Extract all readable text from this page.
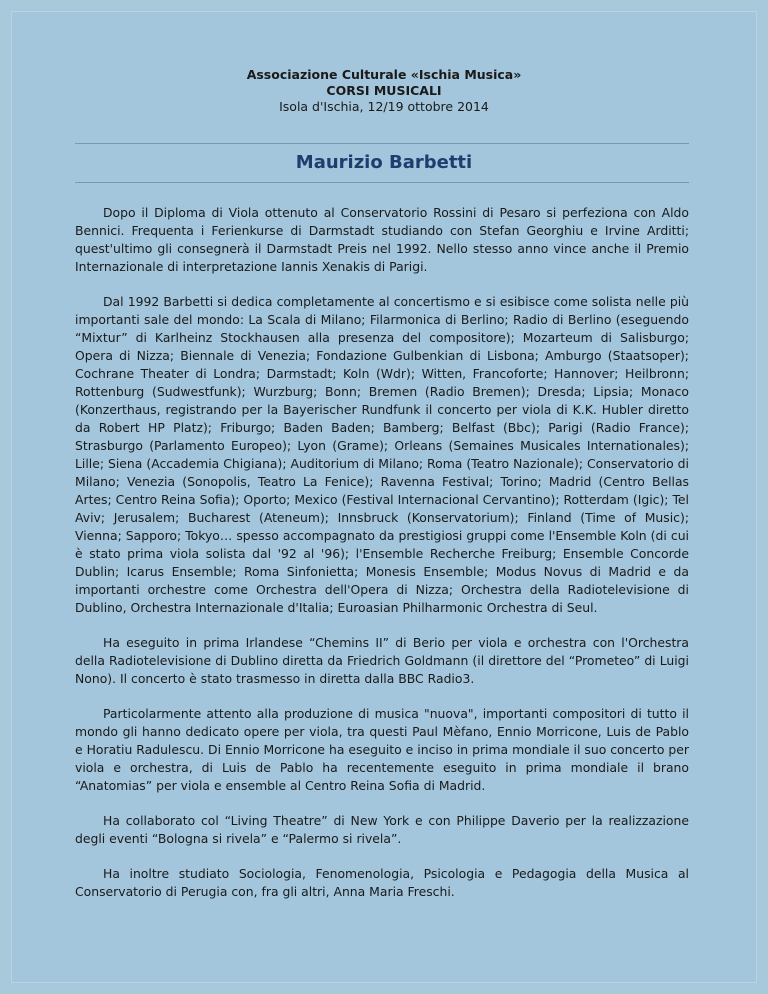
Associazione Culturale «Ischia Musica»
CORSI MUSICALI
Isola d'Ischia, 12/19 ottobre 2014
Maurizio Barbetti

Dopo il Diploma di Viola ottenuto al Conservatorio Rossini di Pesaro si perfeziona con Aldo Bennici. Frequenta i Ferienkurse di Darmstadt studiando con Stefan Georghiu e Irvine Arditti; quest'ultimo gli consegnerà il Darmstadt Preis nel 1992. Nello stesso anno vince anche il Premio Internazionale di interpretazione Iannis Xenakis di Parigi.

Dal 1992 Barbetti si dedica completamente al concertismo e si esibisce come solista nelle più importanti sale del mondo: La Scala di Milano; Filarmonica di Berlino; Radio di Berlino (eseguendo “Mixtur” di Karlheinz Stockhausen alla presenza del compositore); Mozarteum di Salisburgo; Opera di Nizza; Biennale di Venezia; Fondazione Gulbenkian di Lisbona; Amburgo (Staatsoper); Cochrane Theater di Londra; Darmstadt; Koln (Wdr); Witten, Francoforte; Hannover; Heilbronn; Rottenburg (Sudwestfunk); Wurzburg; Bonn; Bremen (Radio Bremen); Dresda; Lipsia; Monaco (Konzerthaus, registrando per la Bayerischer Rundfunk il concerto per viola di K.K. Hubler diretto da Robert HP Platz); Friburgo; Baden Baden; Bamberg; Belfast (Bbc); Parigi (Radio France); Strasburgo (Parlamento Europeo); Lyon (Grame); Orleans (Semaines Musicales Internationales); Lille; Siena (Accademia Chigiana); Auditorium di Milano; Roma (Teatro Nazionale); Conservatorio di Milano; Venezia (Sonopolis, Teatro La Fenice); Ravenna Festival; Torino; Madrid (Centro Bellas Artes; Centro Reina Sofia); Oporto; Mexico (Festival Internacional Cervantino); Rotterdam (Igic); Tel Aviv; Jerusalem; Bucharest (Ateneum); Innsbruck (Konservatorium); Finland (Time of Music); Vienna; Sapporo; Tokyo… spesso accompagnato da prestigiosi gruppi come l'Ensemble Koln (di cui è stato prima viola solista dal '92 al '96); l'Ensemble Recherche Freiburg; Ensemble Concorde Dublin; Icarus Ensemble; Roma Sinfonietta; Monesis Ensemble; Modus Novus di Madrid e da importanti orchestre come Orchestra dell'Opera di Nizza; Orchestra della Radiotelevisione di Dublino, Orchestra Internazionale d'Italia; Euroasian Philharmonic Orchestra di Seul.

Ha eseguito in prima Irlandese “Chemins II” di Berio per viola e orchestra con l'Orchestra della Radiotelevisione di Dublino diretta da Friedrich Goldmann (il direttore del “Prometeo” di Luigi Nono). Il concerto è stato trasmesso in diretta dalla BBC Radio3.

Particolarmente attento alla produzione di musica "nuova", importanti compositori di tutto il mondo gli hanno dedicato opere per viola, tra questi Paul Mèfano, Ennio Morricone, Luis de Pablo e Horatiu Radulescu. Di Ennio Morricone ha eseguito e inciso in prima mondiale il suo concerto per viola e orchestra, di Luis de Pablo ha recentemente eseguito in prima mondiale il brano “Anatomias” per viola e ensemble al Centro Reina Sofia di Madrid.

Ha collaborato col “Living Theatre” di New York e con Philippe Daverio per la realizzazione degli eventi “Bologna si rivela” e “Palermo si rivela”.

Ha inoltre studiato Sociologia, Fenomenologia, Psicologia e Pedagogia della Musica al Conservatorio di Perugia con, fra gli altri, Anna Maria Freschi.
